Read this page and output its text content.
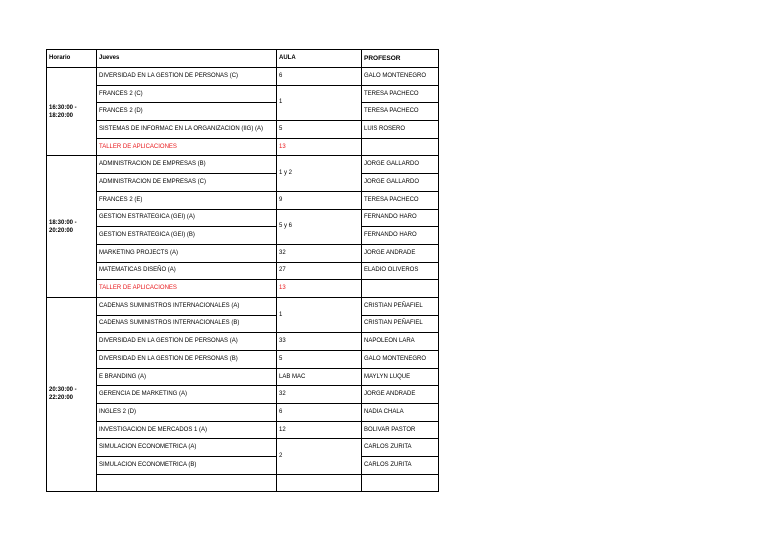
Horario	Jueves	AULA	PROFESOR
16:30:00 - 18:20:00	DIVERSIDAD EN LA GESTION DE PERSONAS (C)	6	GALO MONTENEGRO
	FRANCES 2 (C)	1	TERESA PACHECO
	FRANCES 2 (D)		TERESA PACHECO
	SISTEMAS DE INFORMAC EN LA ORGANIZACION (IIG) (A)	5	LUIS ROSERO
	TALLER DE APLICACIONES	13	
18:30:00 - 20:20:00	ADMINISTRACION DE EMPRESAS (B)	1 y 2	JORGE GALLARDO
	ADMINISTRACION DE EMPRESAS (C)		JORGE GALLARDO
	FRANCES 2 (E)	9	TERESA PACHECO
	GESTION ESTRATEGICA (GEI) (A)	5 y 6	FERNANDO HARO
	GESTION ESTRATEGICA (GEI) (B)		FERNANDO HARO
	MARKETING PROJECTS (A)	32	JORGE ANDRADE
	MATEMATICAS DISEÑO (A)	27	ELADIO OLIVEROS
	TALLER DE APLICACIONES	13	
20:30:00 - 22:20:00	CADENAS SUMINISTROS INTERNACIONALES (A)	1	CRISTIAN PEÑAFIEL
	CADENAS SUMINISTROS INTERNACIONALES (B)		CRISTIAN PEÑAFIEL
	DIVERSIDAD EN LA GESTION DE PERSONAS (A)	33	NAPOLEON LARA
	DIVERSIDAD EN LA GESTION DE PERSONAS (B)	5	GALO MONTENEGRO
	E BRANDING (A)	LAB MAC	MAYLYN LUQUE
	GERENCIA DE MARKETING (A)	32	JORGE ANDRADE
	INGLES 2 (D)	6	NADIA CHALA
	INVESTIGACION DE MERCADOS 1 (A)	12	BOLIVAR PASTOR
	SIMULACION ECONOMETRICA (A)	2	CARLOS ZURITA
	SIMULACION ECONOMETRICA (B)		CARLOS ZURITA
